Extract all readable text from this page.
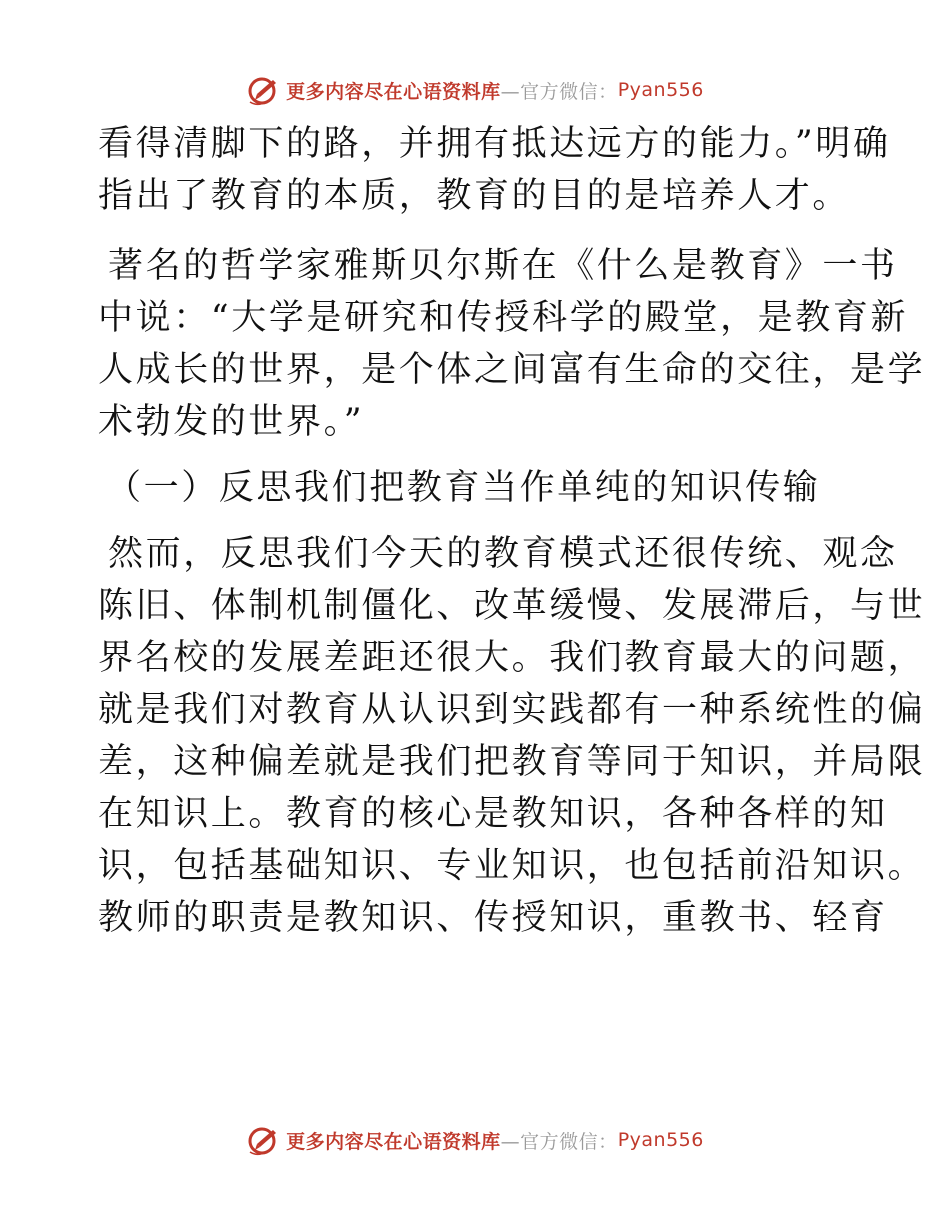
更多内容尽在心语资料库 —官方微信： Pyan556
看得清脚下的路，并拥有抵达远方的能力。”明确
指出了教育的本质，教育的目的是培养人才。
著名的哲学家雅斯贝尔斯在《什么是教育》一书
中说：“大学是研究和传授科学的殿堂，是教育新
人成长的世界，是个体之间富有生命的交往，是学
术勃发的世界。”
（一）反思我们把教育当作单纯的知识传输
然而，反思我们今天的教育模式还很传统、观念
陈旧、体制机制僵化、改革缓慢、发展滞后，与世
界名校的发展差距还很大。我们教育最大的问题，
就是我们对教育从认识到实践都有一种系统性的偏
差，这种偏差就是我们把教育等同于知识，并局限
在知识上。教育的核心是教知识，各种各样的知
识，包括基础知识、专业知识，也包括前沿知识。
教师的职责是教知识、传授知识，重教书、轻育
更多内容尽在心语资料库 —官方微信： Pyan556
